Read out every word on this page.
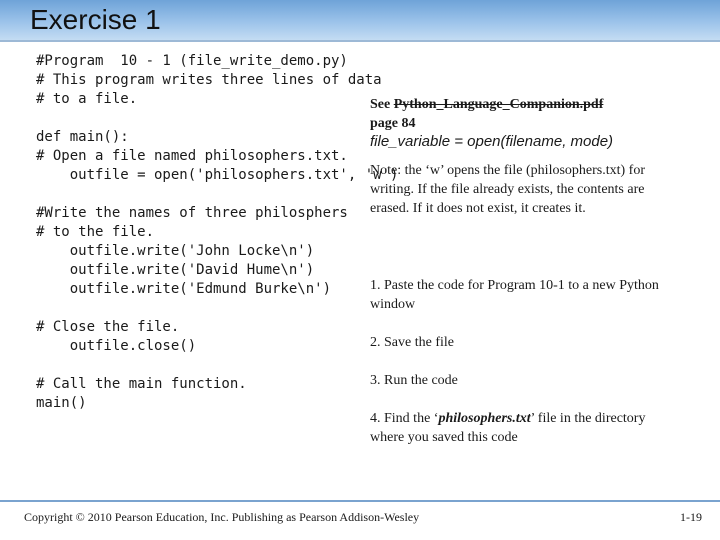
Exercise 1
#Program  10 - 1 (file_write_demo.py)
# This program writes three lines of data
# to a file.

def main():
# Open a file named philosophers.txt.
outfile = open('philosophers.txt', 'w')

#Write the names of three philosphers
# to the file.
outfile.write('John Locke\n')
outfile.write('David Hume\n')
outfile.write('Edmund Burke\n')

# Close the file.
outfile.close()

# Call the main function.
main()

See Python_Language_Companion.pdf
page 84
file_variable = open(filename, mode)
Note: the ‘w’ opens the file (philosophers.txt) for writing. If the file already exists, the contents are erased. If it does not exist, it creates it.
1. Paste the code for Program 10-1 to a new Python window
2. Save the file
3. Run the code
4. Find the ‘philosophers.txt’ file in the directory where you saved this code
Copyright © 2010 Pearson Education, Inc. Publishing as Pearson Addison-Wesley	1-19
